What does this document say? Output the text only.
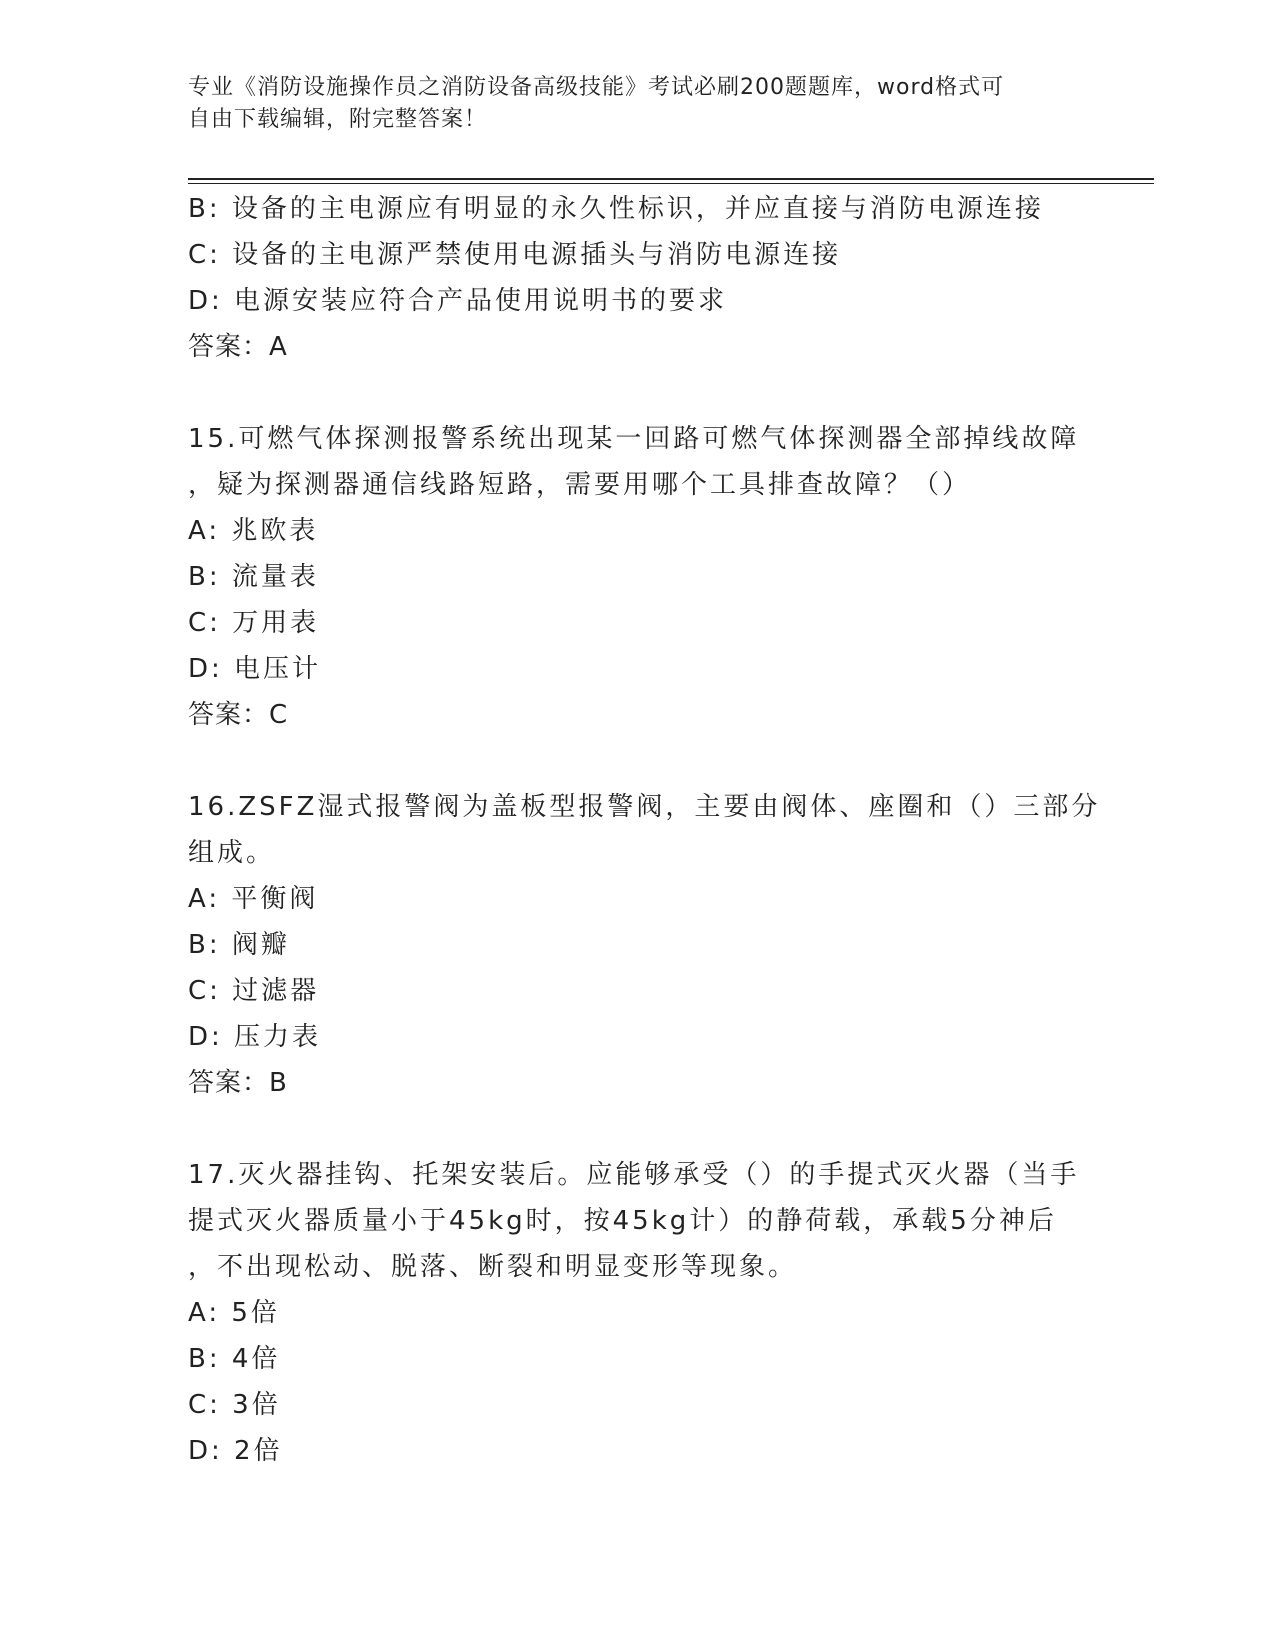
专业《消防设施操作员之消防设备高级技能》考试必刷200题题库，word格式可
自由下载编辑，附完整答案！

B: 设备的主电源应有明显的永久性标识，并应直接与消防电源连接

C: 设备的主电源严禁使用电源插头与消防电源连接

D: 电源安装应符合产品使用说明书的要求

答案：A

15.可燃气体探测报警系统出现某一回路可燃气体探测器全部掉线故障

，疑为探测器通信线路短路，需要用哪个工具排查故障？（）

A: 兆欧表

B: 流量表

C: 万用表

D: 电压计

答案：C

16.ZSFZ湿式报警阀为盖板型报警阀，主要由阀体、座圈和（）三部分

组成。

A: 平衡阀

B: 阀瓣

C: 过滤器

D: 压力表

答案：B

17.灭火器挂钩、托架安装后。应能够承受（）的手提式灭火器（当手

提式灭火器质量小于45kg时，按45kg计）的静荷载，承载5分神后

，不出现松动、脱落、断裂和明显变形等现象。

A: 5倍

B: 4倍

C: 3倍

D: 2倍
